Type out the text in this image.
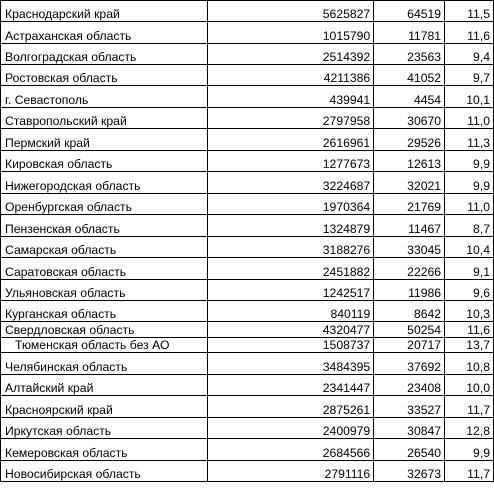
Краснодарский край	5625827	64519	11,5
Астраханская область	1015790	11781	11,6
Волгоградская область	2514392	23563	9,4
Ростовская область	4211386	41052	9,7
г. Севастополь	439941	4454	10,1
Ставропольский край	2797958	30670	11,0
Пермский край	2616961	29526	11,3
Кировская область	1277673	12613	9,9
Нижегородская область	3224687	32021	9,9
Оренбургская область	1970364	21769	11,0
Пензенская область	1324879	11467	8,7
Самарская область	3188276	33045	10,4
Саратовская область	2451882	22266	9,1
Ульяновская область	1242517	11986	9,6
Курганская область	840119	8642	10,3
Свердловская область	4320477	50254	11,6
Тюменская область без АО	1508737	20717	13,7
Челябинская область	3484395	37692	10,8
Алтайский край	2341447	23408	10,0
Красноярский край	2875261	33527	11,7
Иркутская область	2400979	30847	12,8
Кемеровская область	2684566	26540	9,9
Новосибирская область	2791116	32673	11,7
